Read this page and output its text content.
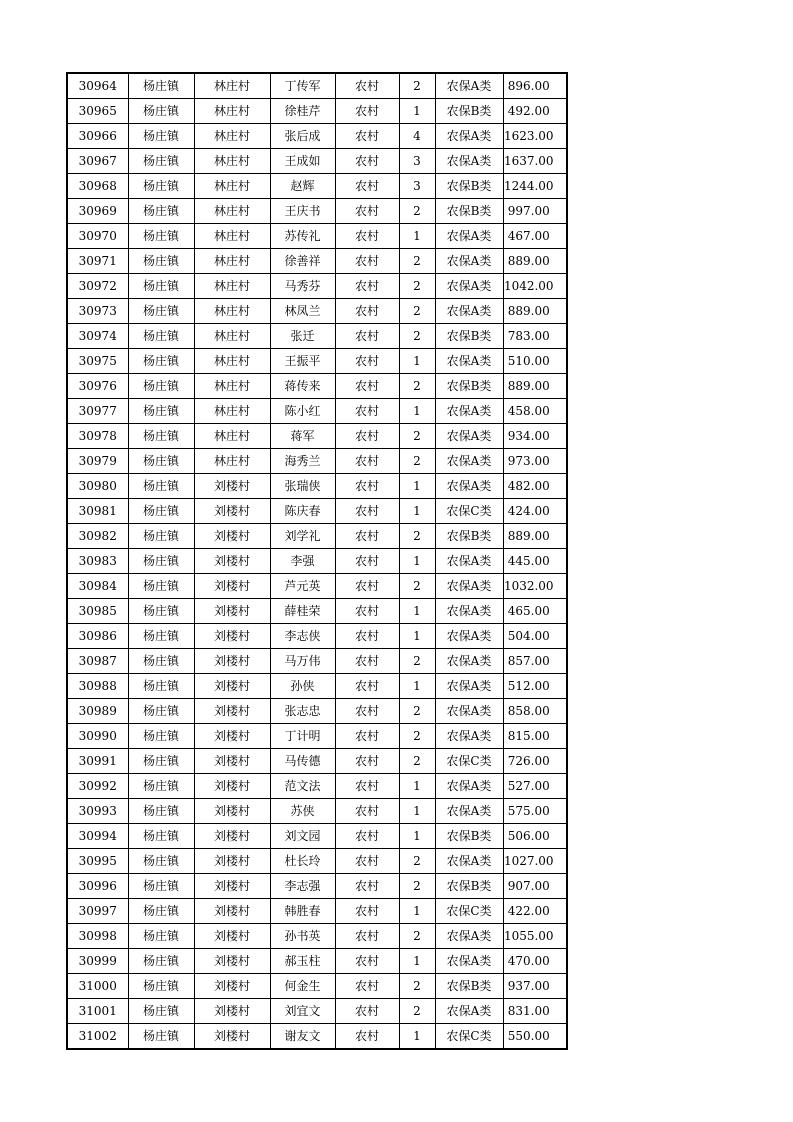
30964	杨庄镇	林庄村	丁传军	农村	2	农保A类	896.00
30965	杨庄镇	林庄村	徐桂芹	农村	1	农保B类	492.00
30966	杨庄镇	林庄村	张后成	农村	4	农保A类	1623.00
30967	杨庄镇	林庄村	王成如	农村	3	农保A类	1637.00
30968	杨庄镇	林庄村	赵辉	农村	3	农保B类	1244.00
30969	杨庄镇	林庄村	王庆书	农村	2	农保B类	997.00
30970	杨庄镇	林庄村	苏传礼	农村	1	农保A类	467.00
30971	杨庄镇	林庄村	徐善祥	农村	2	农保A类	889.00
30972	杨庄镇	林庄村	马秀芬	农村	2	农保A类	1042.00
30973	杨庄镇	林庄村	林凤兰	农村	2	农保A类	889.00
30974	杨庄镇	林庄村	张迁	农村	2	农保B类	783.00
30975	杨庄镇	林庄村	王振平	农村	1	农保A类	510.00
30976	杨庄镇	林庄村	蒋传来	农村	2	农保B类	889.00
30977	杨庄镇	林庄村	陈小红	农村	1	农保A类	458.00
30978	杨庄镇	林庄村	蒋军	农村	2	农保A类	934.00
30979	杨庄镇	林庄村	海秀兰	农村	2	农保A类	973.00
30980	杨庄镇	刘楼村	张瑞侠	农村	1	农保A类	482.00
30981	杨庄镇	刘楼村	陈庆春	农村	1	农保C类	424.00
30982	杨庄镇	刘楼村	刘学礼	农村	2	农保B类	889.00
30983	杨庄镇	刘楼村	李强	农村	1	农保A类	445.00
30984	杨庄镇	刘楼村	芦元英	农村	2	农保A类	1032.00
30985	杨庄镇	刘楼村	薛桂荣	农村	1	农保A类	465.00
30986	杨庄镇	刘楼村	李志侠	农村	1	农保A类	504.00
30987	杨庄镇	刘楼村	马万伟	农村	2	农保A类	857.00
30988	杨庄镇	刘楼村	孙侠	农村	1	农保A类	512.00
30989	杨庄镇	刘楼村	张志忠	农村	2	农保A类	858.00
30990	杨庄镇	刘楼村	丁计明	农村	2	农保A类	815.00
30991	杨庄镇	刘楼村	马传德	农村	2	农保C类	726.00
30992	杨庄镇	刘楼村	范文法	农村	1	农保A类	527.00
30993	杨庄镇	刘楼村	苏侠	农村	1	农保A类	575.00
30994	杨庄镇	刘楼村	刘文园	农村	1	农保B类	506.00
30995	杨庄镇	刘楼村	杜长玲	农村	2	农保A类	1027.00
30996	杨庄镇	刘楼村	李志强	农村	2	农保B类	907.00
30997	杨庄镇	刘楼村	韩胜春	农村	1	农保C类	422.00
30998	杨庄镇	刘楼村	孙书英	农村	2	农保A类	1055.00
30999	杨庄镇	刘楼村	郝玉柱	农村	1	农保A类	470.00
31000	杨庄镇	刘楼村	何金生	农村	2	农保B类	937.00
31001	杨庄镇	刘楼村	刘宜文	农村	2	农保A类	831.00
31002	杨庄镇	刘楼村	谢友文	农村	1	农保C类	550.00
